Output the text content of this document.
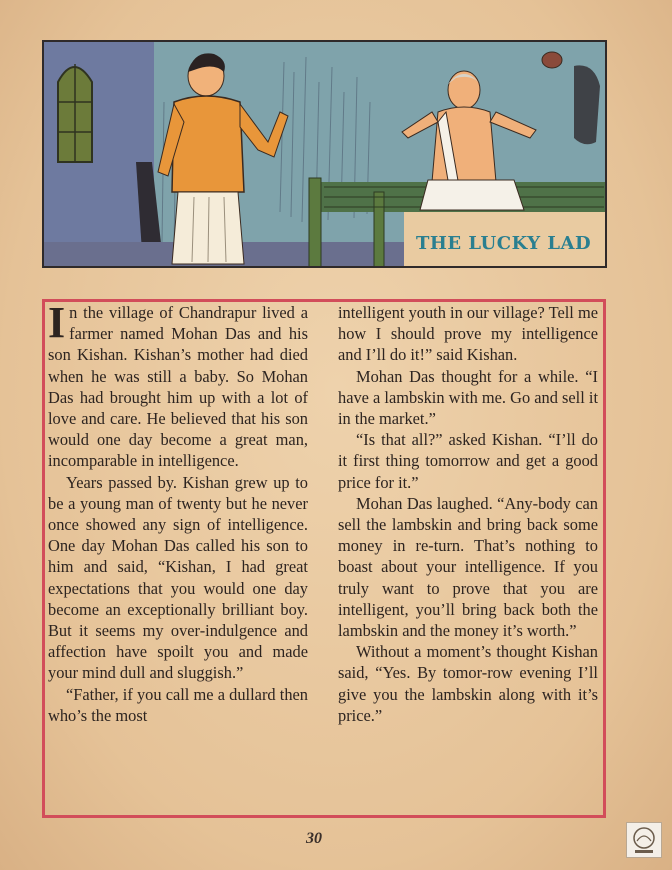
THE LUCKY LAD

In the village of Chandrapur lived a farmer named Mohan Das and his son Kishan. Kishan’s mother had died when he was still a baby. So Mohan Das had brought him up with a lot of love and care. He believed that his son would one day become a great man, incomparable in intelligence.

Years passed by. Kishan grew up to be a young man of twenty but he never once showed any sign of intelligence. One day Mohan Das called his son to him and said, “Kishan, I had great expectations that you would one day become an exceptionally brilliant boy. But it seems my over-indulgence and affection have spoilt you and made your mind dull and sluggish.”

“Father, if you call me a dullard then who’s the most

intelligent youth in our village? Tell me how I should prove my intelligence and I’ll do it!” said Kishan.

Mohan Das thought for a while. “I have a lambskin with me. Go and sell it in the market.”

“Is that all?” asked Kishan. “I’ll do it first thing tomorrow and get a good price for it.”

Mohan Das laughed. “Any-body can sell the lambskin and bring back some money in re-turn. That’s nothing to boast about your intelligence. If you truly want to prove that you are intelligent, you’ll bring back both the lambskin and the money it’s worth.”

Without a moment’s thought Kishan said, “Yes. By tomor-row evening I’ll give you the lambskin along with it’s price.”

30
